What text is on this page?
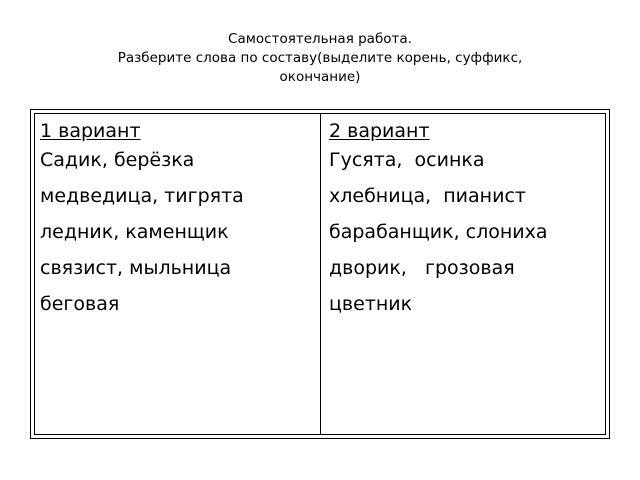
Самостоятельная работа.
Разберите слова по составу(выделите корень, суффикс,
окончание)
1 вариант
Садик, берёзка
медведица, тигрята
ледник, каменщик
связист, мыльница
беговая
2 вариант
Гусята,  осинка
хлебница,  пианист
барабанщик, слониха
дворик,   грозовая
цветник
